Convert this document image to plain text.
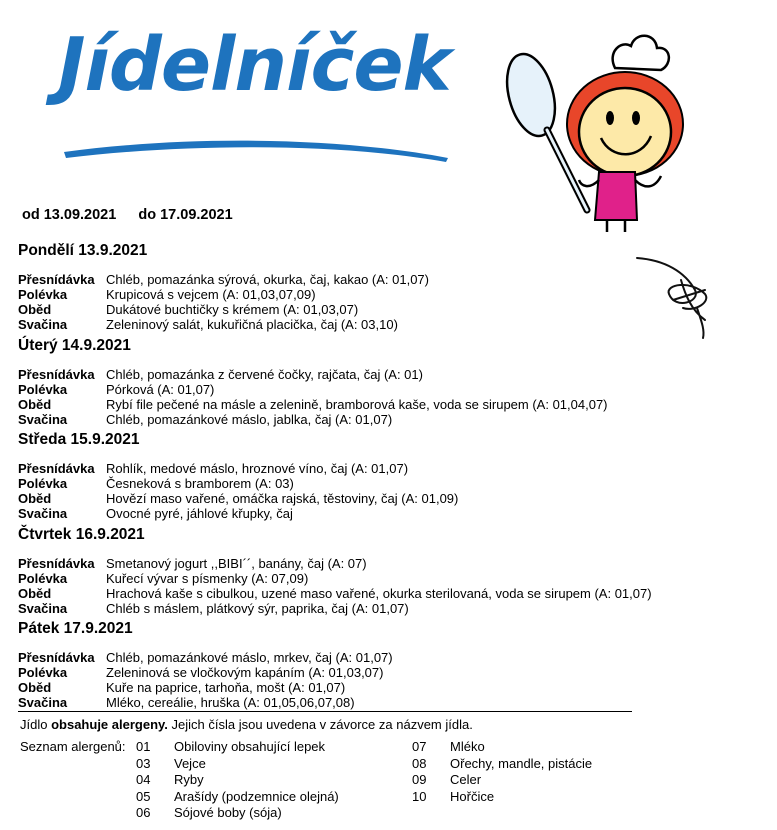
Jídelníček
od 13.09.2021 do 17.09.2021
Pondělí 13.9.2021
Přesnídávka Chléb, pomazánka sýrová, okurka, čaj, kakao (A: 01,07)
Polévka	Krupicová s vejcem (A: 01,03,07,09)
Oběd	Dukátové buchtičky s krémem (A: 01,03,07)
Svačina	Zeleninový salát, kukuřičná placička, čaj (A: 03,10)
Úterý 14.9.2021
Přesnídávka Chléb, pomazánka z červené čočky, rajčata, čaj (A: 01)
Polévka	Pórková (A: 01,07)
Oběd	Rybí file pečené na másle a zelenině, bramborová kaše, voda se sirupem (A: 01,04,07)
Svačina	Chléb, pomazánkové máslo, jablka, čaj (A: 01,07)
Středa 15.9.2021
Přesnídávka Rohlík, medové máslo, hroznové víno, čaj (A: 01,07)
Polévka	Česneková s bramborem (A: 03)
Oběd	Hovězí maso vařené, omáčka rajská, těstoviny, čaj (A: 01,09)
Svačina	Ovocné pyré, jáhlové křupky, čaj
Čtvrtek 16.9.2021
Přesnídávka Smetanový jogurt ,,BIBI´´, banány, čaj (A: 07)
Polévka	Kuřecí vývar s písmenky (A: 07,09)
Oběd	Hrachová kaše s cibulkou, uzené maso vařené, okurka sterilovaná, voda se sirupem (A: 01,07)
Svačina	Chléb s máslem, plátkový sýr, paprika, čaj (A: 01,07)
Pátek 17.9.2021
Přesnídávka Chléb, pomazánkové máslo, mrkev, čaj (A: 01,07)
Polévka	Zeleninová se vločkovým kapáním (A: 01,03,07)
Oběd	Kuře na paprice, tarhoňa, mošt (A: 01,07)
Svačina	Mléko, cereálie, hruška (A: 01,05,06,07,08)
Jídlo obsahuje alergeny. Jejich čísla jsou uvedena v závorce za názvem jídla.
Seznam alergenů: 01	Obiloviny obsahující lepek
03	Vejce
04	Ryby
05	Arašídy (podzemnice olejná)
06	Sójové boby (sója)
07	Mléko
08	Ořechy, mandle, pistácie
09	Celer
10	Hořčice
